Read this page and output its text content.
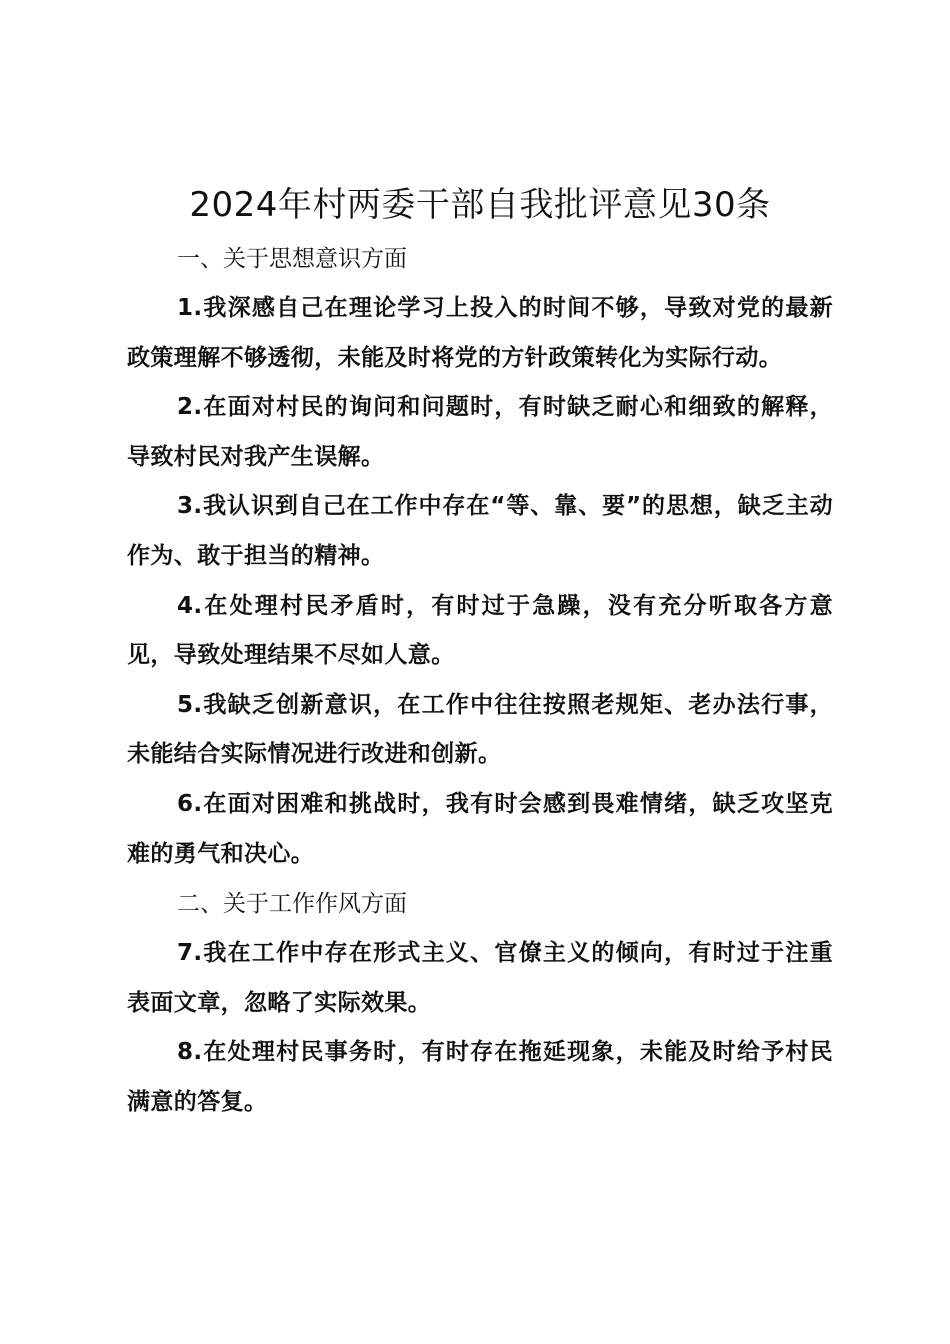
2024年村两委干部自我批评意见30条

一、关于思想意识方面

1.我深感自己在理论学习上投入的时间不够，导致对党的最新政策理解不够透彻，未能及时将党的方针政策转化为实际行动。

2.在面对村民的询问和问题时，有时缺乏耐心和细致的解释，导致村民对我产生误解。

3.我认识到自己在工作中存在“等、靠、要”的思想，缺乏主动作为、敢于担当的精神。

4.在处理村民矛盾时，有时过于急躁，没有充分听取各方意见，导致处理结果不尽如人意。

5.我缺乏创新意识，在工作中往往按照老规矩、老办法行事，未能结合实际情况进行改进和创新。

6.在面对困难和挑战时，我有时会感到畏难情绪，缺乏攻坚克难的勇气和决心。

二、关于工作作风方面

7.我在工作中存在形式主义、官僚主义的倾向，有时过于注重表面文章，忽略了实际效果。

8.在处理村民事务时，有时存在拖延现象，未能及时给予村民满意的答复。
